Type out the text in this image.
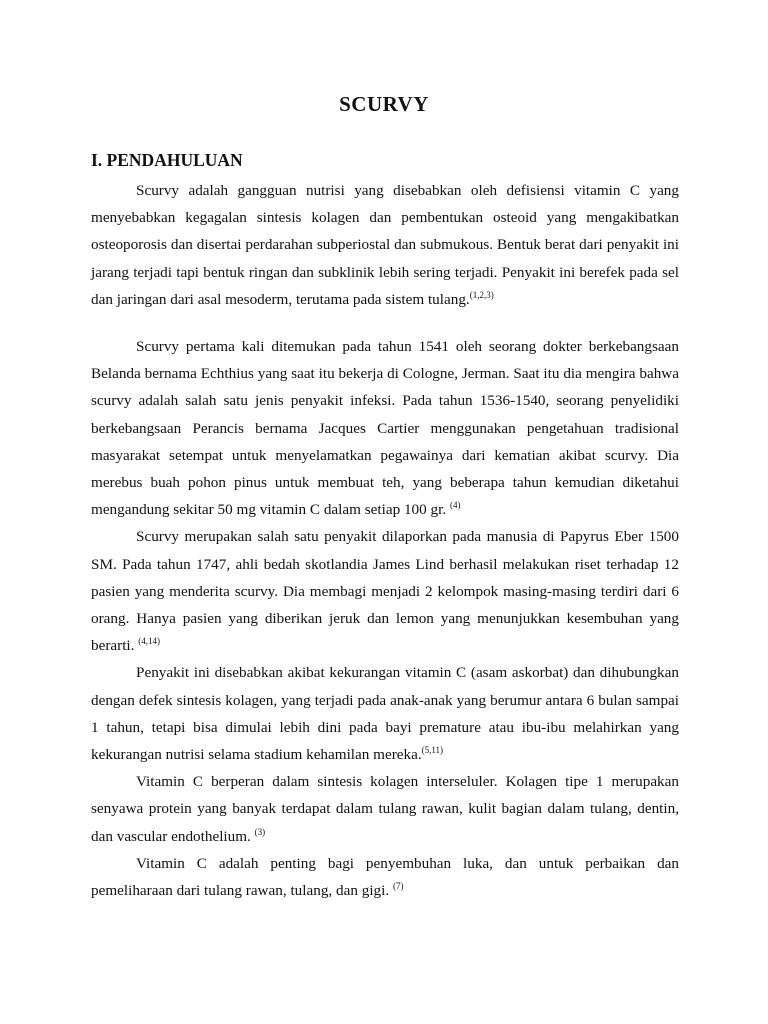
SCURVY
I. PENDAHULUAN

Scurvy adalah gangguan nutrisi yang disebabkan oleh defisiensi vitamin C yang menyebabkan kegagalan sintesis kolagen dan pembentukan osteoid yang mengakibatkan osteoporosis dan disertai perdarahan subperiostal dan submukous. Bentuk berat dari penyakit ini jarang terjadi tapi bentuk ringan dan subklinik lebih sering terjadi. Penyakit ini berefek pada sel dan jaringan dari asal mesoderm, terutama pada sistem tulang.$^{(1,2,3)}$

Scurvy pertama kali ditemukan pada tahun 1541 oleh seorang dokter berkebangsaan Belanda bernama Echthius yang saat itu bekerja di Cologne, Jerman. Saat itu dia mengira bahwa scurvy adalah salah satu jenis penyakit infeksi. Pada tahun 1536-1540, seorang penyelidiki berkebangsaan Perancis bernama Jacques Cartier menggunakan pengetahuan tradisional masyarakat setempat untuk menyelamatkan pegawainya dari kematian akibat scurvy. Dia merebus buah pohon pinus untuk membuat teh, yang beberapa tahun kemudian diketahui mengandung sekitar 50 mg vitamin C dalam setiap 100 gr. $^{(4)}$

Scurvy merupakan salah satu penyakit dilaporkan pada manusia di Papyrus Eber 1500 SM. Pada tahun 1747, ahli bedah skotlandia James Lind berhasil melakukan riset terhadap 12 pasien yang menderita scurvy. Dia membagi menjadi 2 kelompok masing-masing terdiri dari 6 orang. Hanya pasien yang diberikan jeruk dan lemon yang menunjukkan kesembuhan yang berarti. $^{(4,14)}$

Penyakit ini disebabkan akibat kekurangan vitamin C (asam askorbat) dan dihubungkan dengan defek sintesis kolagen, yang terjadi pada anak-anak yang berumur antara 6 bulan sampai 1 tahun, tetapi bisa dimulai lebih dini pada bayi premature atau ibu-ibu melahirkan yang kekurangan nutrisi selama stadium kehamilan mereka.$^{(5,11)}$

Vitamin C berperan dalam sintesis kolagen interseluler. Kolagen tipe 1 merupakan senyawa protein yang banyak terdapat dalam tulang rawan, kulit bagian dalam tulang, dentin, dan vascular endothelium. $^{(3)}$

Vitamin C adalah penting bagi penyembuhan luka, dan untuk perbaikan dan pemeliharaan dari tulang rawan, tulang, dan gigi. $^{(7)}$
